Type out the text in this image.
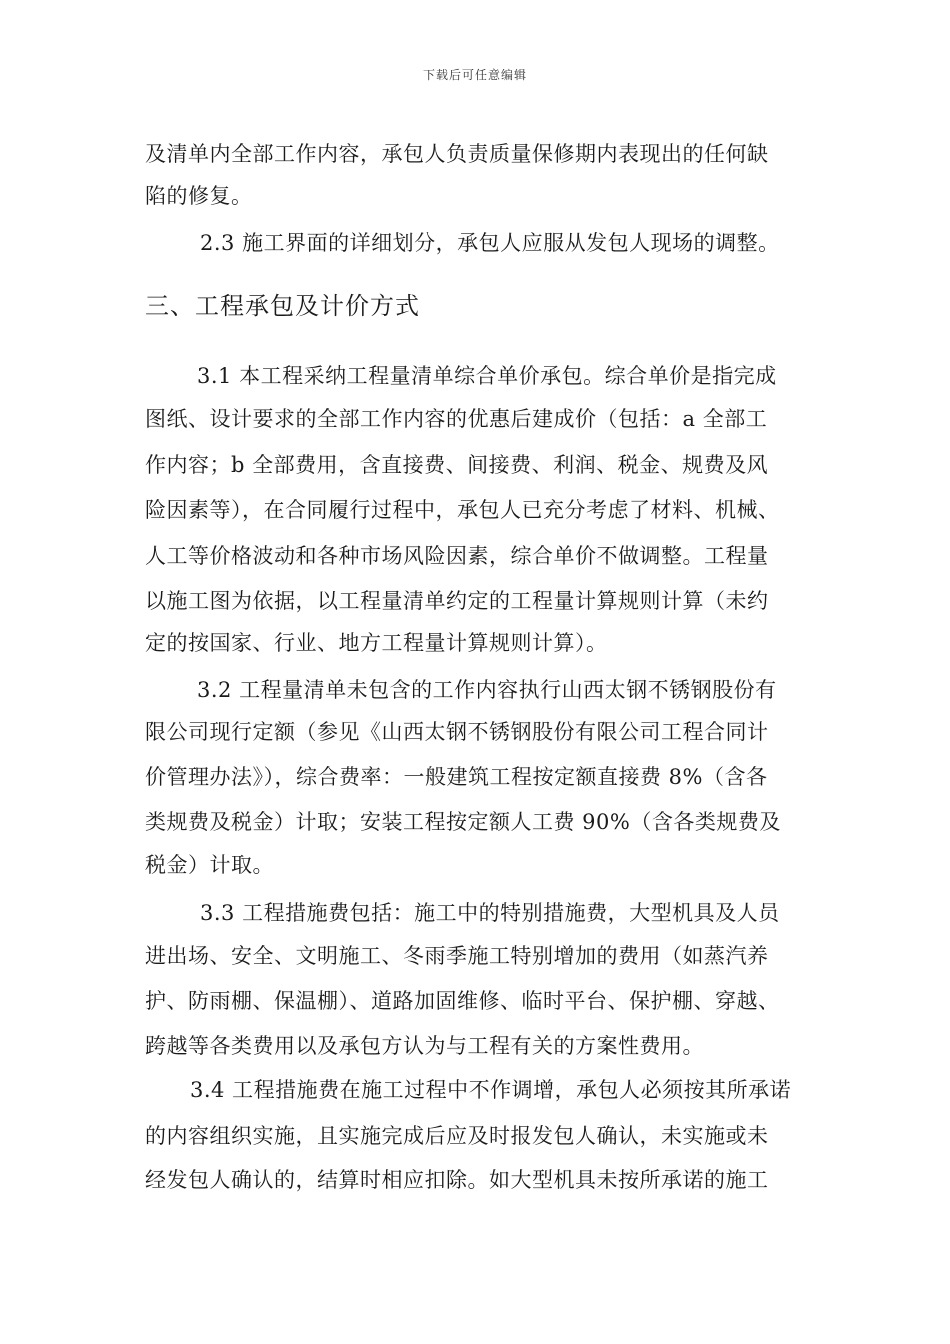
下载后可任意编辑
及清单内全部工作内容，承包人负责质量保修期内表现出的任何缺
陷的修复。
2.3 施工界面的详细划分，承包人应服从发包人现场的调整。
三、工程承包及计价方式
3.1 本工程采纳工程量清单综合单价承包。综合单价是指完成
图纸、设计要求的全部工作内容的优惠后建成价（包括：a 全部工
作内容；b 全部费用，含直接费、间接费、利润、税金、规费及风
险因素等），在合同履行过程中，承包人已充分考虑了材料、机械、
人工等价格波动和各种市场风险因素，综合单价不做调整。工程量
以施工图为依据，以工程量清单约定的工程量计算规则计算（未约
定的按国家、行业、地方工程量计算规则计算）。
3.2 工程量清单未包含的工作内容执行山西太钢不锈钢股份有
限公司现行定额（参见《山西太钢不锈钢股份有限公司工程合同计
价管理办法》），综合费率：一般建筑工程按定额直接费 8%（含各
类规费及税金）计取；安装工程按定额人工费 90%（含各类规费及
税金）计取。
3.3 工程措施费包括：施工中的特别措施费，大型机具及人员
进出场、安全、文明施工、冬雨季施工特别增加的费用（如蒸汽养
护、防雨棚、保温棚）、道路加固维修、临时平台、保护棚、穿越、
跨越等各类费用以及承包方认为与工程有关的方案性费用。
3.4 工程措施费在施工过程中不作调增，承包人必须按其所承诺
的内容组织实施，且实施完成后应及时报发包人确认，未实施或未
经发包人确认的，结算时相应扣除。如大型机具未按所承诺的施工
